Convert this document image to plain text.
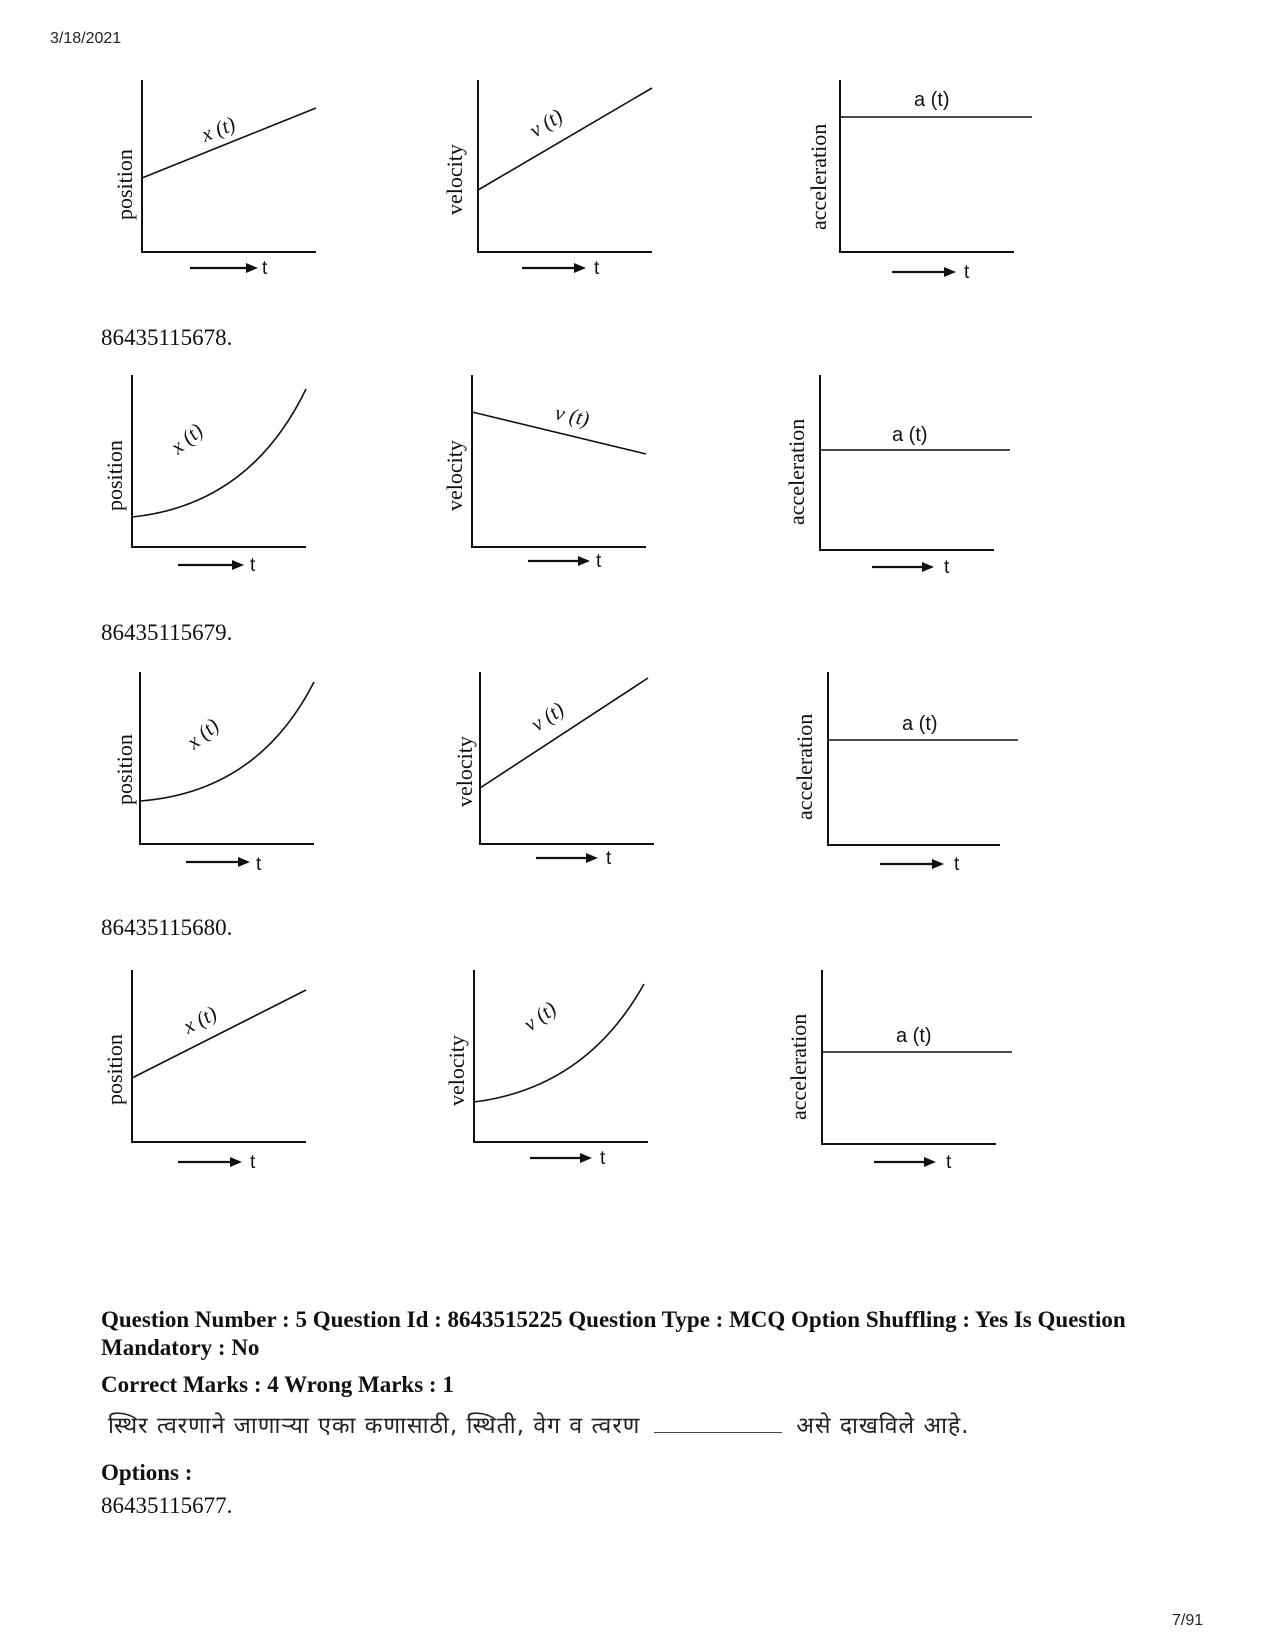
3/18/2021
position
x (t)
t
velocity
v (t)
t
acceleration
a (t)
t
86435115678.
position
x (t)
t
velocity
v (t)
t
acceleration	a (t)
t
86435115679.
position
x (t)
t
velocity
v (t)
t
acceleration	a (t)
t
86435115680.
position
x (t)
t
velocity
v (t)
t
acceleration	a (t)
t
Question Number : 5 Question Id : 8643515225 Question Type : MCQ Option Shuffling : Yes Is Question Mandatory : No
Correct Marks : 4 Wrong Marks : 1
स्थिर त्वरणाने जाणाऱ्या एका कणासाठी, स्थिती, वेग व त्वरण	असे दाखविले आहे.
Options :
86435115677.
7/91
